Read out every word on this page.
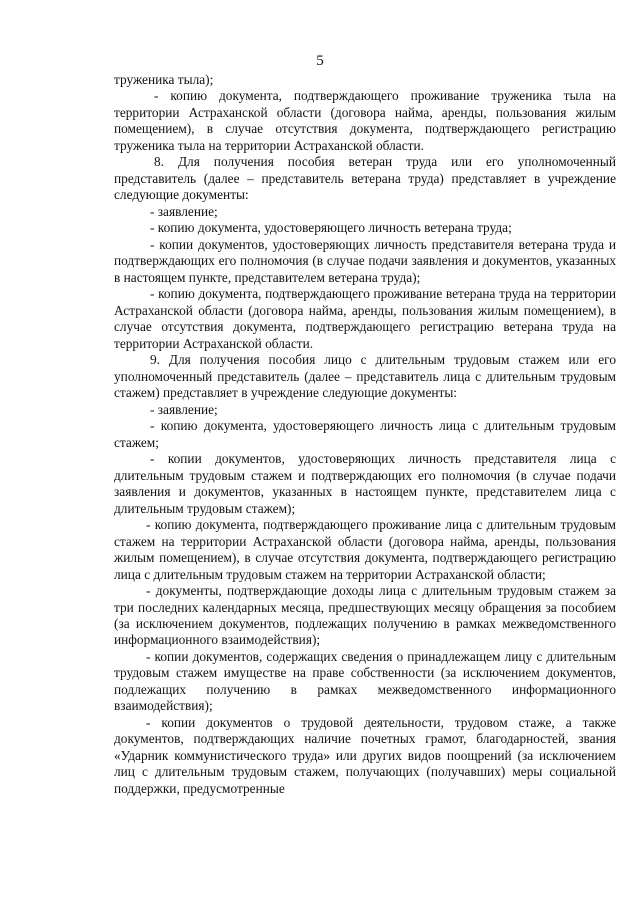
5

труженика тыла);

- копию документа, подтверждающего проживание труженика тыла на территории Астраханской области (договора найма, аренды, пользования жилым помещением), в случае отсутствия документа, подтверждающего регистрацию труженика тыла на территории Астраханской области.

8. Для получения пособия ветеран труда или его уполномоченный представитель (далее – представитель ветерана труда) представляет в учреждение следующие документы:

- заявление;

- копию документа, удостоверяющего личность ветерана труда;

- копии документов, удостоверяющих личность представителя ветерана труда и подтверждающих его полномочия (в случае подачи заявления и документов, указанных в настоящем пункте, представителем ветерана труда);

- копию документа, подтверждающего проживание ветерана труда на территории Астраханской области (договора найма, аренды, пользования жилым помещением), в случае отсутствия документа, подтверждающего регистрацию ветерана труда на территории Астраханской области.

9. Для получения пособия лицо с длительным трудовым стажем или его уполномоченный представитель (далее – представитель лица с длительным трудовым стажем) представляет в учреждение следующие документы:

- заявление;

- копию документа, удостоверяющего личность лица с длительным трудовым стажем;

- копии документов, удостоверяющих личность представителя лица с длительным трудовым стажем и подтверждающих его полномочия (в случае подачи заявления и документов, указанных в настоящем пункте, представителем лица с длительным трудовым стажем);

- копию документа, подтверждающего проживание лица с длительным трудовым стажем на территории Астраханской области (договора найма, аренды, пользования жилым помещением), в случае отсутствия документа, подтверждающего регистрацию лица с длительным трудовым стажем на территории Астраханской области;

- документы, подтверждающие доходы лица с длительным трудовым стажем за три последних календарных месяца, предшествующих месяцу обращения за пособием (за исключением документов, подлежащих получению в рамках межведомственного информационного взаимодействия);

- копии документов, содержащих сведения о принадлежащем лицу с длительным трудовым стажем имуществе на праве собственности (за исключением документов, подлежащих получению в рамках межведомственного информационного взаимодействия);

- копии документов о трудовой деятельности, трудовом стаже, а также документов, подтверждающих наличие почетных грамот, благодарностей, звания «Ударник коммунистического труда» или других видов поощрений (за исключением лиц с длительным трудовым стажем, получающих (получавших) меры социальной поддержки, предусмотренные
